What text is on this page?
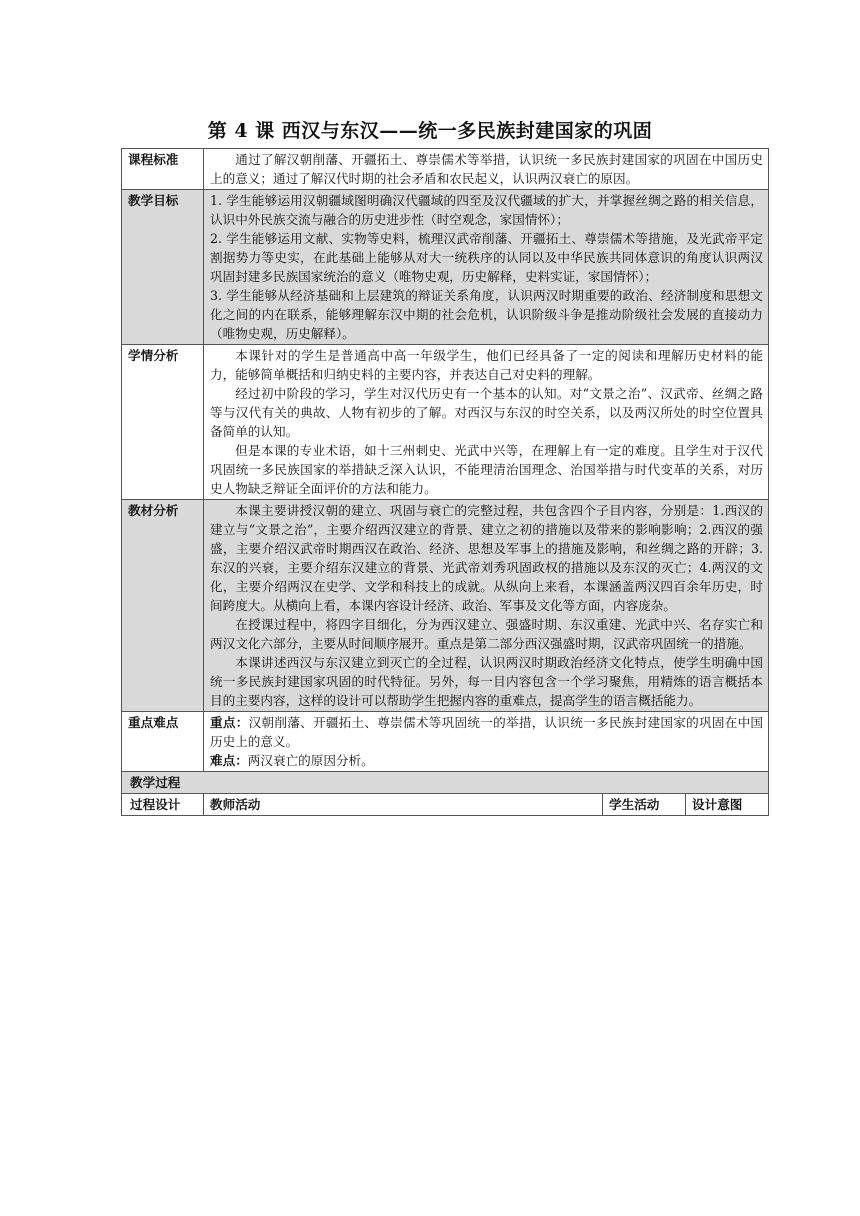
第 4 课 西汉与东汉——统一多民族封建国家的巩固
课程标准	通过了解汉朝削藩、开疆拓土、尊崇儒术等举措，认识统一多民族封建国家的巩固在中国历史上的意义；通过了解汉代时期的社会矛盾和农民起义，认识两汉衰亡的原因。		

教学目标	1. 学生能够运用汉朝疆域图明确汉代疆域的四至及汉代疆域的扩大，并掌握丝绸之路的相关信息，认识中外民族交流与融合的历史进步性（时空观念，家国情怀）；
2. 学生能够运用文献、实物等史料，梳理汉武帝削藩、开疆拓土、尊崇儒术等措施，及光武帝平定割据势力等史实，在此基础上能够从对大一统秩序的认同以及中华民族共同体意识的角度认识两汉巩固封建多民族国家统治的意义（唯物史观，历史解释，史料实证，家国情怀）；
3. 学生能够从经济基础和上层建筑的辩证关系角度，认识两汉时期重要的政治、经济制度和思想文化之间的内在联系，能够理解东汉中期的社会危机，认识阶级斗争是推动阶级社会发展的直接动力（唯物史观，历史解释）。		

学情分析	本课针对的学生是普通高中高一年级学生，他们已经具备了一定的阅读和理解历史材料的能力，能够简单概括和归纳史料的主要内容，并表达自己对史料的理解。
经过初中阶段的学习，学生对汉代历史有一个基本的认知。对“文景之治”、汉武帝、丝绸之路等与汉代有关的典故、人物有初步的了解。对西汉与东汉的时空关系，以及两汉所处的时空位置具备简单的认知。
但是本课的专业术语，如十三州刺史、光武中兴等，在理解上有一定的难度。且学生对于汉代巩固统一多民族国家的举措缺乏深入认识，不能理清治国理念、治国举措与时代变革的关系，对历史人物缺乏辩证全面评价的方法和能力。		

教材分析	本课主要讲授汉朝的建立、巩固与衰亡的完整过程，共包含四个子目内容，分别是：1.西汉的建立与“文景之治”，主要介绍西汉建立的背景、建立之初的措施以及带来的影响影响；2.西汉的强盛，主要介绍汉武帝时期西汉在政治、经济、思想及军事上的措施及影响，和丝绸之路的开辟；3.东汉的兴衰，主要介绍东汉建立的背景、光武帝刘秀巩固政权的措施以及东汉的灭亡；4.两汉的文化，主要介绍两汉在史学、文学和科技上的成就。从纵向上来看，本课涵盖两汉四百余年历史，时间跨度大。从横向上看，本课内容设计经济、政治、军事及文化等方面，内容庞杂。
在授课过程中，将四字目细化，分为西汉建立、强盛时期、东汉重建、光武中兴、名存实亡和两汉文化六部分，主要从时间顺序展开。重点是第二部分西汉强盛时期，汉武帝巩固统一的措施。
本课讲述西汉与东汉建立到灭亡的全过程，认识两汉时期政治经济文化特点，使学生明确中国统一多民族封建国家巩固的时代特征。另外，每一目内容包含一个学习聚焦，用精炼的语言概括本目的主要内容，这样的设计可以帮助学生把握内容的重难点，提高学生的语言概括能力。		

重点难点	重点：汉朝削藩、开疆拓土、尊崇儒术等巩固统一的举措，认识统一多民族封建国家的巩固在中国历史上的意义。
难点：两汉衰亡的原因分析。		

教学过程			
过程设计	教师活动	学生活动	设计意图
